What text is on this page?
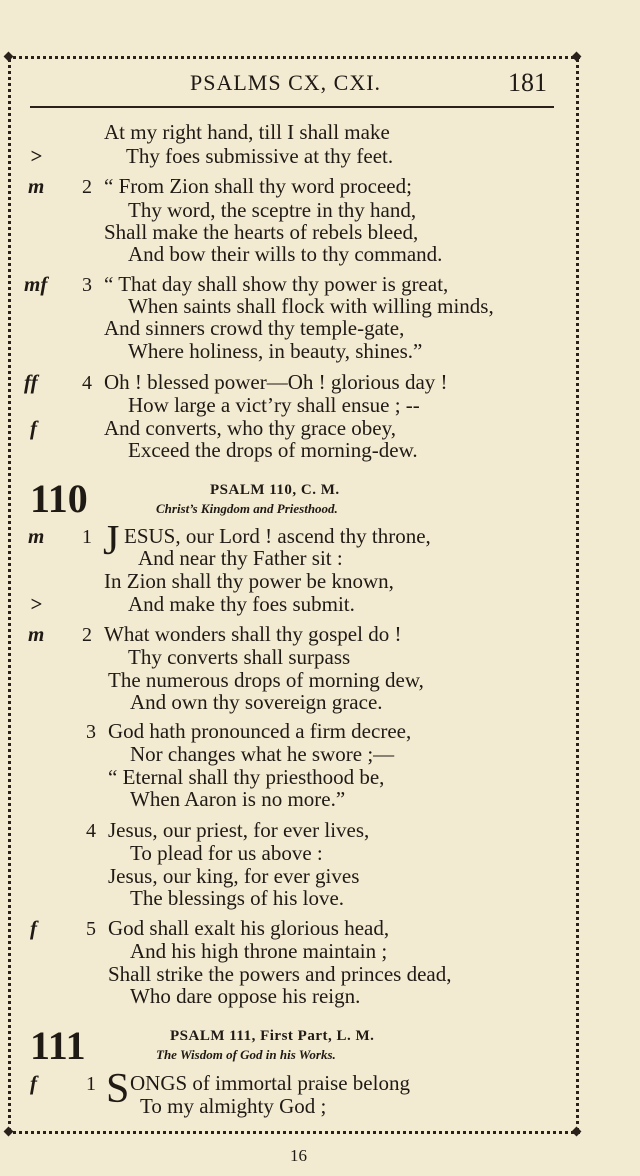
PSALMS CX, CXI.	181
At my right hand, till I shall make
>	Thy foes submissive at thy feet.
m 2 “ From Zion shall thy word proceed;
Thy word, the sceptre in thy hand,
Shall make the hearts of rebels bleed,
And bow their wills to thy command.
mf 3 “ That day shall show thy power is great,
When saints shall flock with willing minds,
And sinners crowd thy temple-gate,
Where holiness, in beauty, shines.”
ff 4 Oh ! blessed power—Oh ! glorious day !
How large a vict’ry shall ensue ; --
f	And converts, who thy grace obey,
Exceed the drops of morning-dew.
110	PSALM 110, C. M.
Christ’s Kingdom and Priesthood.
m 1 J ESUS, our Lord ! ascend thy throne,
And near thy Father sit :
In Zion shall thy power be known,
>	And make thy foes submit.
m 2 What wonders shall thy gospel do !
Thy converts shall surpass
The numerous drops of morning dew,
And own thy sovereign grace.
3 God hath pronounced a firm decree,
Nor changes what he swore ;—
“ Eternal shall thy priesthood be,
When Aaron is no more.”
4 Jesus, our priest, for ever lives,
To plead for us above :
Jesus, our king, for ever gives
The blessings of his love.
f 5 God shall exalt his glorious head,
And his high throne maintain ;
Shall strike the powers and princes dead,
Who dare oppose his reign.
111	PSALM 111, First Part, L. M.
The Wisdom of God in his Works.
f 1 S ONGS of immortal praise belong
To my almighty God ;
16
